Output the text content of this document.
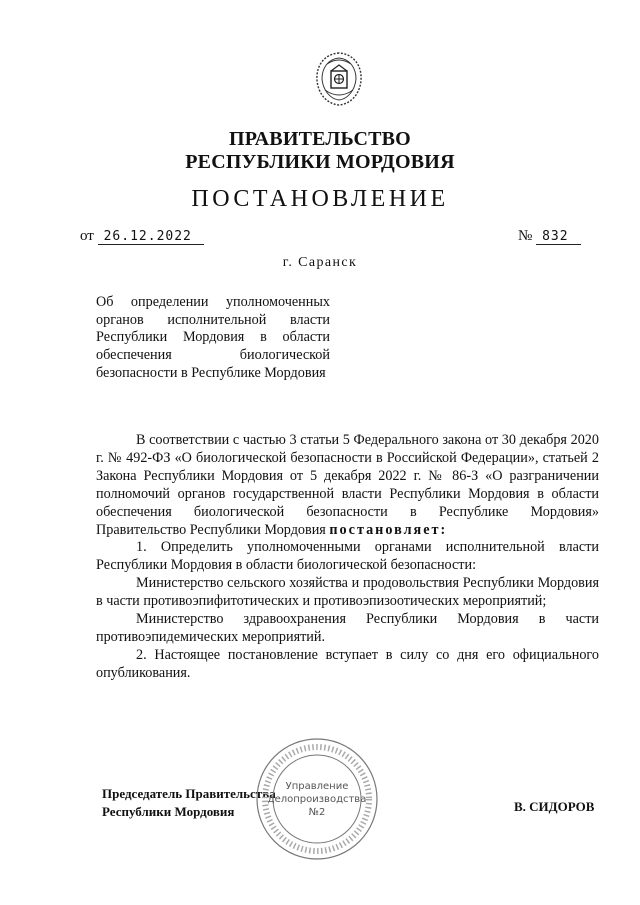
ПРАВИТЕЛЬСТВО
РЕСПУБЛИКИ МОРДОВИЯ
ПОСТАНОВЛЕНИЕ
от 26.12.2022	№ 832
г. Саранск
Об определении уполномоченных органов исполнительной власти Республики Мордовия в области обеспечения биологической безопасности в Республике Мордовия

В соответствии с частью 3 статьи 5 Федерального закона от 30 декабря 2020 г. № 492-ФЗ «О биологической безопасности в Российской Федерации», статьей 2 Закона Республики Мордовия от 5 декабря 2022 г. № 86-З «О разграничении полномочий органов государственной власти Республики Мордовия в области обеспечения биологической безопасности в Республике Мордовия» Правительство Республики Мордовия постановляет:

1. Определить уполномоченными органами исполнительной власти Республики Мордовия в области биологической безопасности:

Министерство сельского хозяйства и продовольствия Республики Мордовия в части противоэпифитотических и противоэпизоотических мероприятий;

Министерство здравоохранения Республики Мордовия в части противоэпидемических мероприятий.

2. Настоящее постановление вступает в силу со дня его официального опубликования.

Председатель Правительства
Республики Мордовия	В. СИДОРОВ
Управление
делопроизводства
№2
